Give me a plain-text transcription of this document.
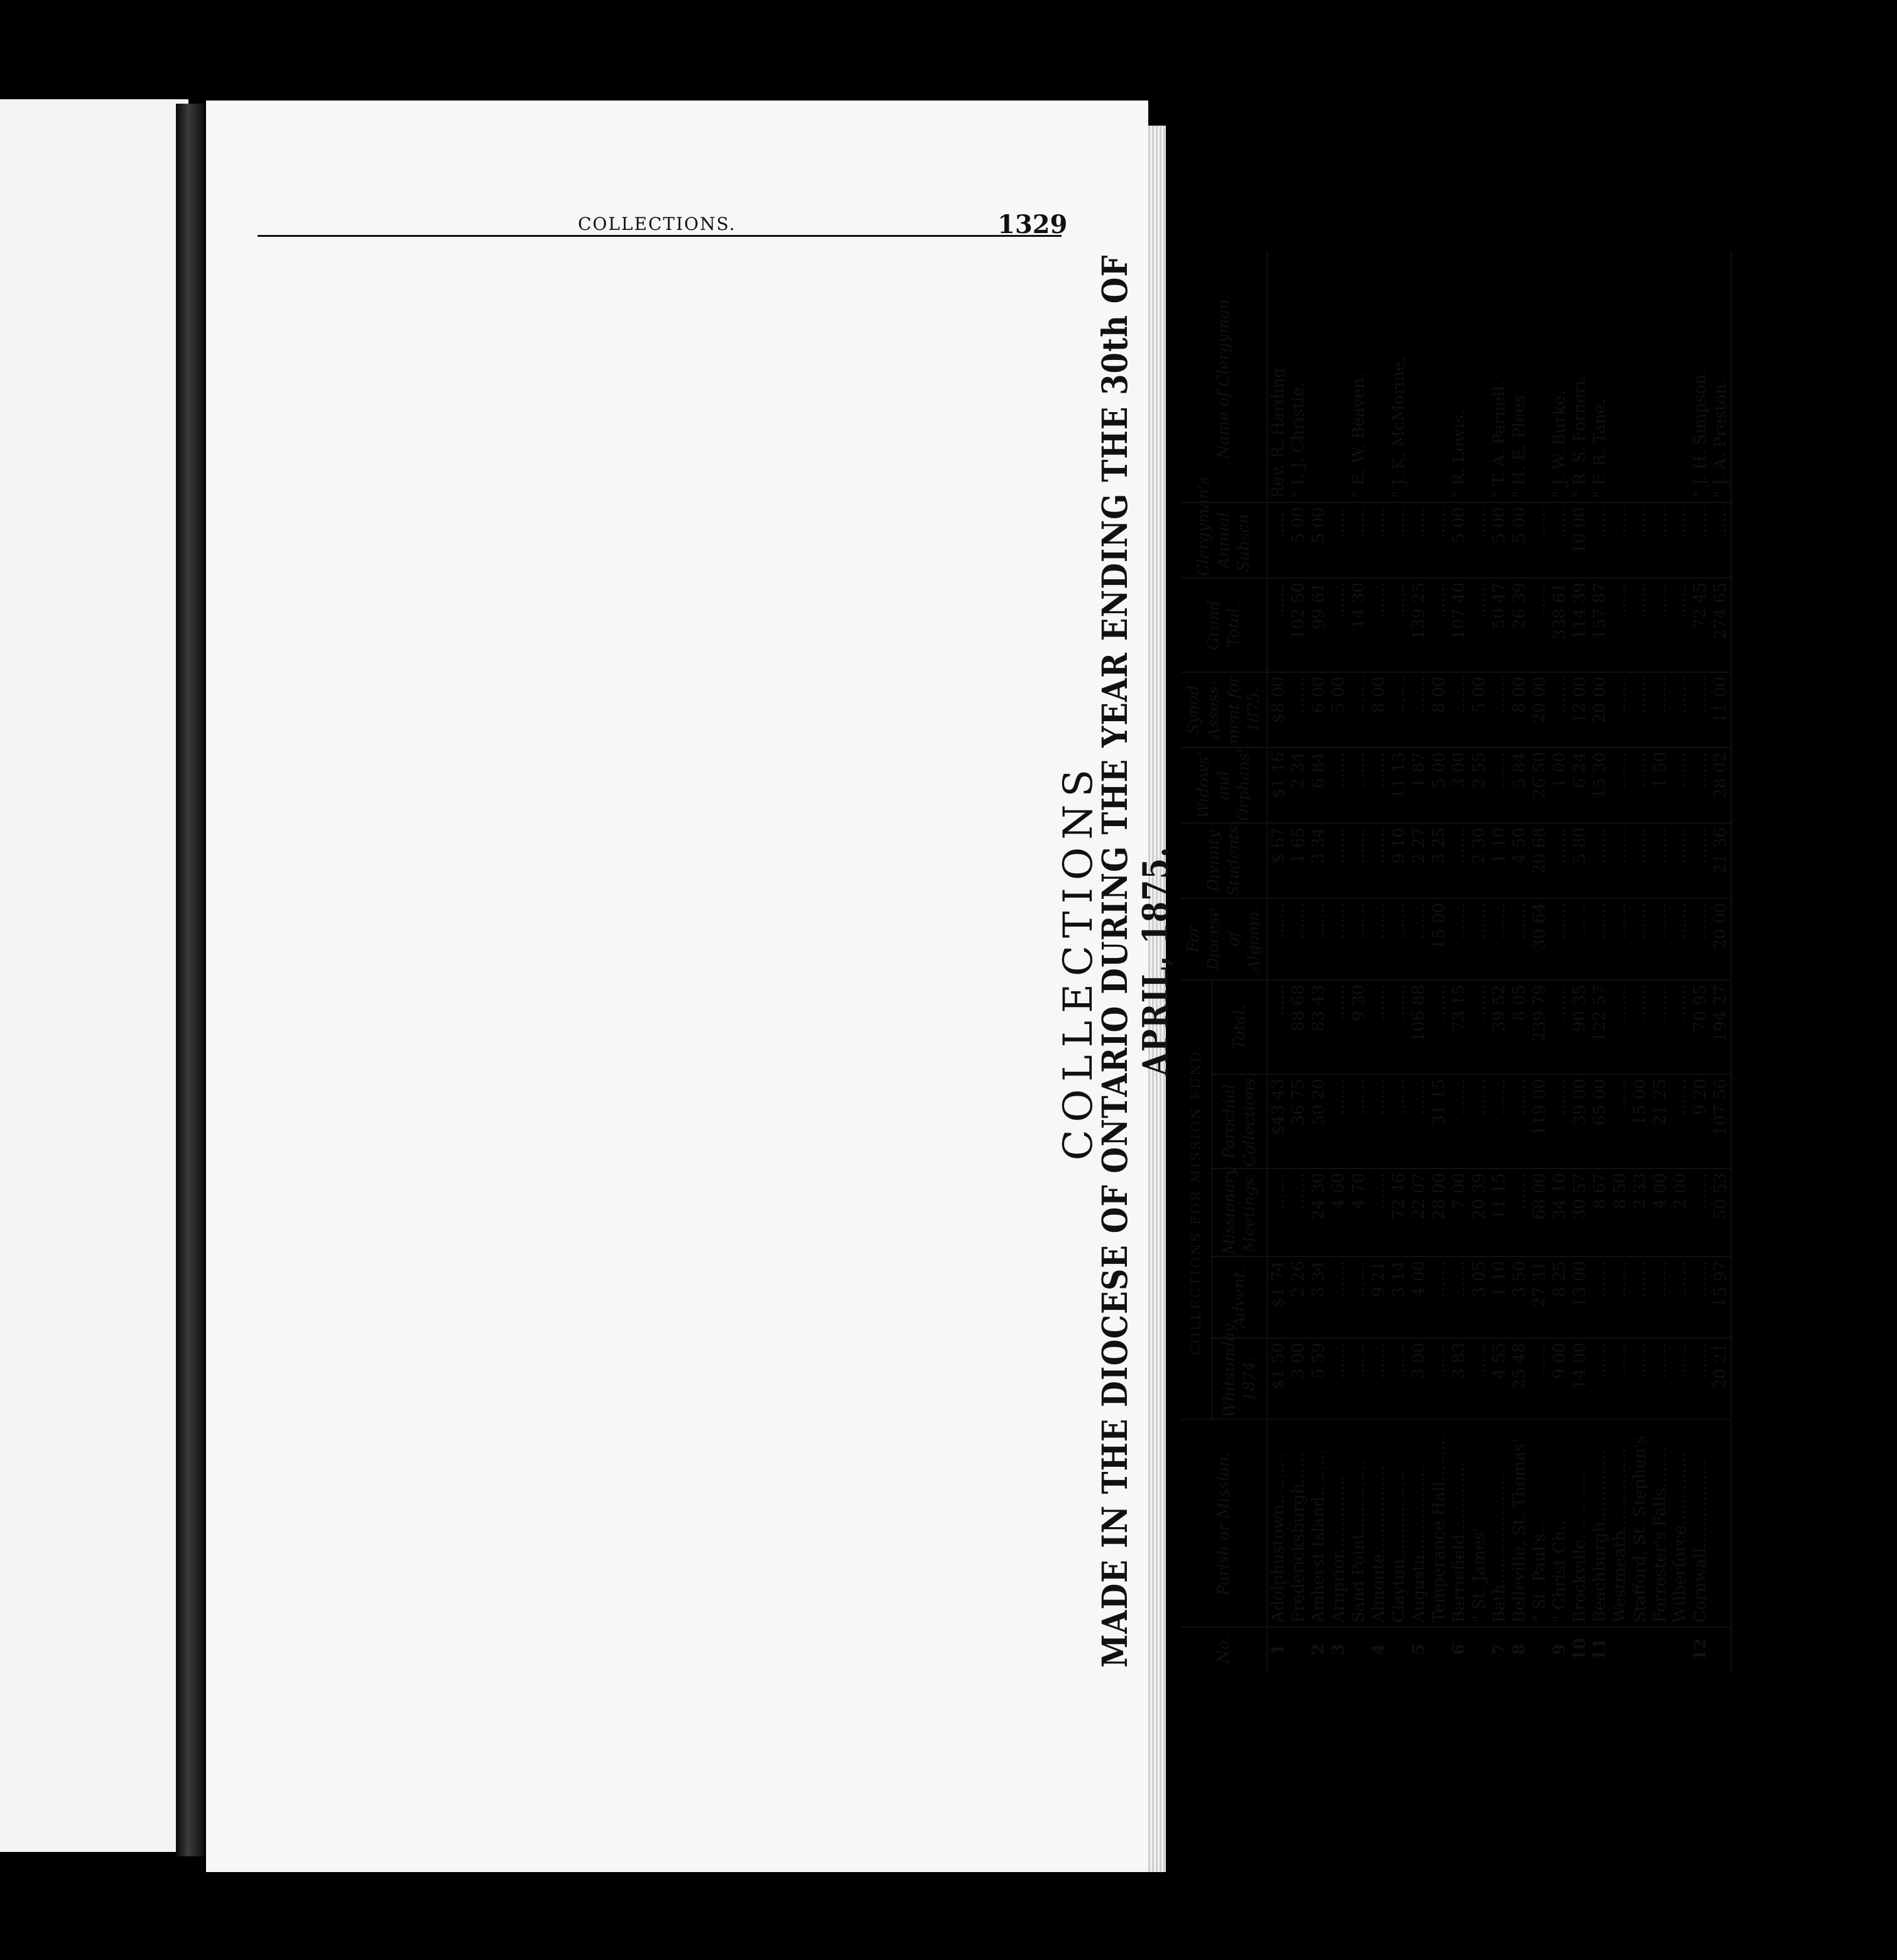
COLLECTIONS.	1329
COLLECTIONS
MADE IN THE DIOCESE OF ONTARIO DURING THE YEAR ENDING THE 30th OF APRIL, 1875.
No.	Parish or Mission.	COLLECTIONS FOR MISSION FUND.					For Diocese of Algoma.	Divinity Students.	Widows' and Orphans'.	Synod Assess-ment for 1875.	Grand Total.	Clergyman's Annual Subscn.	Name of Clergyman.
		Whitsunday 1874.	Advent.	Missionary Meetings.	Parochial Collections.	Total.							
1	Adolphustown..........	$1 50	$1 74	.......	$43 43	.......	.......	$ 67	$1 16	$8 00	.......	......	Rev. R. Harding.
	Fredericksburgh......	3 00	2 26	.......	36 75	88 68	.......	1 65	2 34	.......	102 50	5 00	" I. J. Christie.
2	Amherst Island.........	5 59	3 34	24 30	50 20	83 43	.......	3 34	6 84	6 00	99 61	5 00	
3	Arnprior...............	.......	.......	4 60	.......	.......	.......	.......	.......	5 00	.......	......	
	Sand Point..............	.......	.......	4 70	.......	9 30	.......	.......	.......	.......	14 30	......	" E. W. Beaven.
4	Almonte.................	.......	9 21	.......	.......	.......	.......	.......	.......	8 00	.......	......	
	Clayton.................	.......	3 14	72 46	.......	.......	.......	9 10	11 13	.......	.......	......	" J. K. McMorine.
5	Augusta.................	3 00	4 00	22 07	.......	106 88	.......	2 27	1 87	.......	139 25	......	
	Temperance Hall.........	.......	.......	28 00	31 15	.......	15 00	3 25	5 00	8 00	.......	......	
6	Barriefield..............	3 83	.......	7 00	.......	73 15	.......	.......	3 00	.......	107 40	5 00	" R. Lewis.
	" St. James'	.......	3 05	20 39	.......	.......	.......	2 30	2 55	5 00	.......	......	
7	Bath.....................	4 55	1 10	11 15	.......	39 52	.......	1 10	.......	.......	50 47	5 00	" T. A. Parnell.
8	Belleville, St. Thomas'	25 48	3 50	.......	.......	8 05	.......	4 50	5 84	8 00	26 39	5 00	" H. E. Plees.
	" St. Paul's..	.......	27 31	68 00	119 00	239 79	30 64	20 68	26 50	20 00	.......	......	
9	" Christ Ch..	9 00	8 25	34 10	.......	.......	.......	.......	1 00	.......	338 61	......	" J. W. Burke.
10	Brockville..............	14 00	13 00	30 57	39 00	90 35	.......	5 80	6 24	12 00	114 39	10 00	" R. S. Forneri.
11	Beachburgh..............	.......	.......	8 67	65 00	122 57	.......	.......	15 30	20 00	157 87	......	" F. R. Tane.
	Westmeath................	.......	.......	8 50	.......	.......	.......	.......	.......	.......	.......	......	
	Stafford, St. Stephen's	.......	.......	2 33	15 00	.......	.......	.......	.......	.......	.......	......	
	Forrester's Falls........	.......	.......	4 00	21 25	.......	.......	.......	1 50	.......	.......	......	
	Wilberforce..............	.......	.......	2 00	.......	.......	.......	.......	.......	.......	.......	......	
12	Cornwall.................	.......	.......	.......	9 20	70 95	.......	.......	.......	.......	72 45	......	" J. H. Simpson.
		20 21	15 97	50 53	107 56	194 27	20 00	21 36	28 02	11 00	274 65	......	" J. A. Preston.
